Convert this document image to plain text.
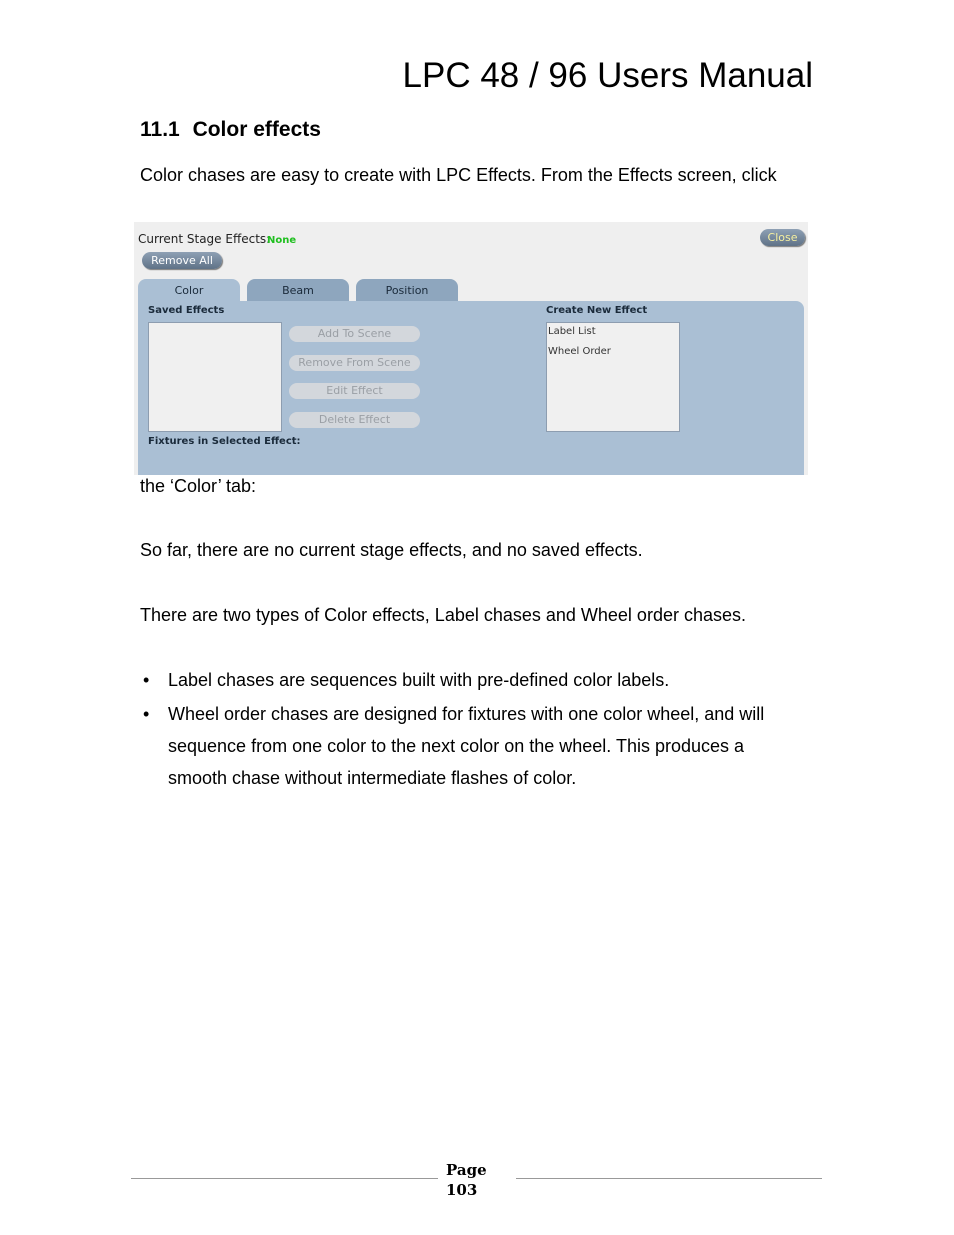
LPC 48 / 96 Users Manual
11.1 Color effects
Color chases are easy to create with LPC Effects. From the Effects screen, click
Current Stage Effects:
None
Remove All
Close
Color	Beam	Position
Saved Effects
Add To Scene
Remove From Scene
Edit Effect
Delete Effect
Create New Effect
Label List
Wheel Order
Fixtures in Selected Effect:
the ‘Color’ tab:
So far, there are no current stage effects, and no saved effects.
There are two types of Color effects, Label chases and Wheel order chases.
• Label chases are sequences built with pre-defined color labels.
• Wheel order chases are designed for fixtures with one color wheel, and will
sequence from one color to the next color on the wheel. This produces a
smooth chase without intermediate flashes of color.
Page
103
